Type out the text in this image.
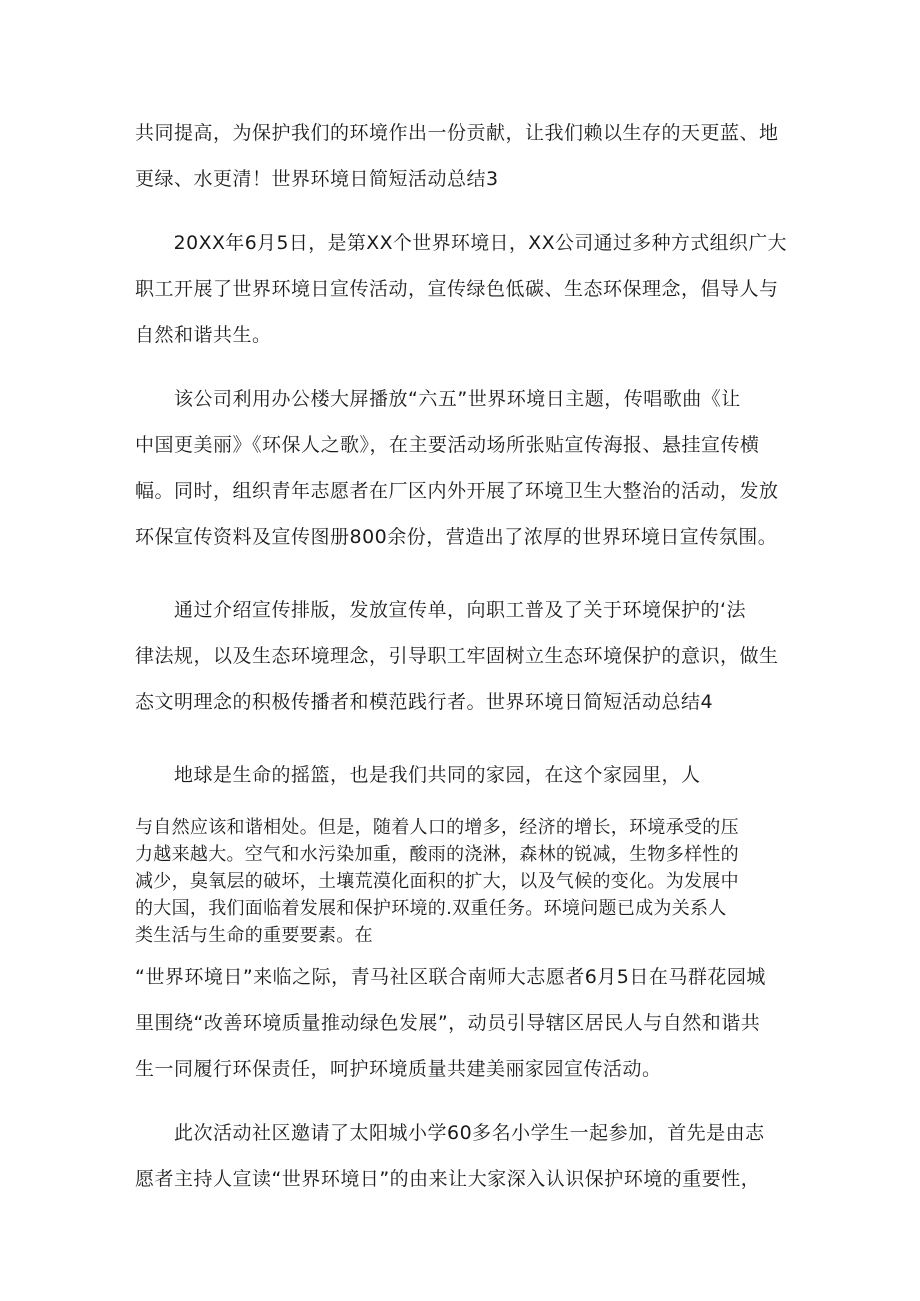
共同提高，为保护我们的环境作出一份贡献，让我们赖以生存的天更蓝、地
更绿、水更清！世界环境日简短活动总结3

　　20XX年6月5日，是第XX个世界环境日，XX公司通过多种方式组织广大
职工开展了世界环境日宣传活动，宣传绿色低碳、生态环保理念，倡导人与
自然和谐共生。

　　该公司利用办公楼大屏播放“六五”世界环境日主题，传唱歌曲《让
中国更美丽》《环保人之歌》，在主要活动场所张贴宣传海报、悬挂宣传横
幅。同时，组织青年志愿者在厂区内外开展了环境卫生大整治的活动，发放
环保宣传资料及宣传图册800余份，营造出了浓厚的世界环境日宣传氛围。

　　通过介绍宣传排版，发放宣传单，向职工普及了关于环境保护的‘法
律法规，以及生态环境理念，引导职工牢固树立生态环境保护的意识，做生
态文明理念的积极传播者和模范践行者。世界环境日简短活动总结4

　　地球是生命的摇篮，也是我们共同的家园，在这个家园里，人

与自然应该和谐相处。但是，随着人口的增多，经济的增长，环境承受的压
力越来越大。空气和水污染加重，酸雨的浇淋，森林的锐减，生物多样性的
减少，臭氧层的破坏，土壤荒漠化面积的扩大，以及气候的变化。为发展中
的大国，我们面临着发展和保护环境的.双重任务。环境问题已成为关系人
类生活与生命的重要要素。在

“世界环境日”来临之际，青马社区联合南师大志愿者6月5日在马群花园城
里围绕“改善环境质量推动绿色发展”，动员引导辖区居民人与自然和谐共
生一同履行环保责任，呵护环境质量共建美丽家园宣传活动。

　　此次活动社区邀请了太阳城小学60多名小学生一起参加，首先是由志
愿者主持人宣读“世界环境日”的由来让大家深入认识保护环境的重要性，
